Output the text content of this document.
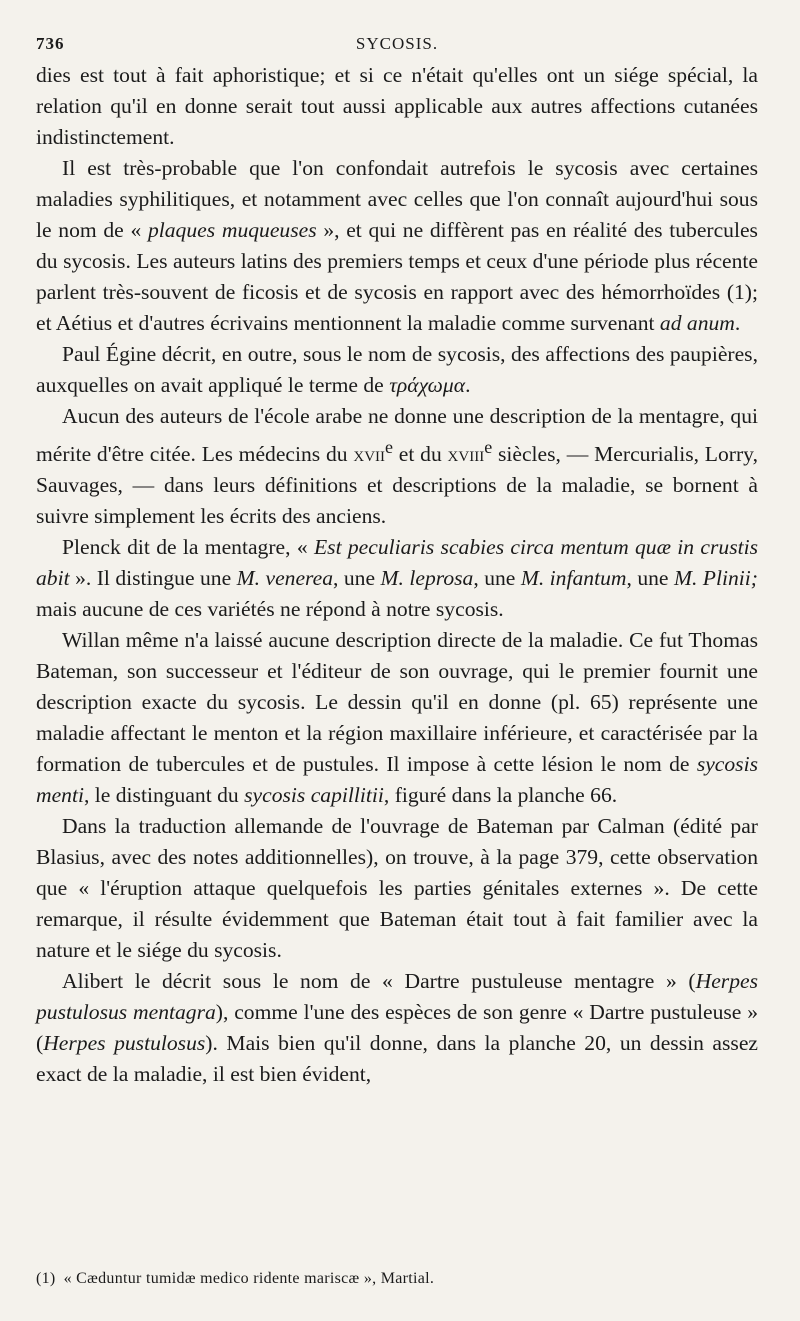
736	SYCOSIS.

dies est tout à fait aphoristique; et si ce n'était qu'elles ont un siége spécial, la relation qu'il en donne serait tout aussi applicable aux autres affections cutanées indistinctement.

Il est très-probable que l'on confondait autrefois le sycosis avec certaines maladies syphilitiques, et notamment avec celles que l'on connaît aujourd'hui sous le nom de « plaques muqueuses », et qui ne diffèrent pas en réalité des tubercules du sycosis. Les auteurs latins des premiers temps et ceux d'une période plus récente parlent très-souvent de ficosis et de sycosis en rapport avec des hémorrhoïdes (1); et Aétius et d'autres écrivains mentionnent la maladie comme survenant ad anum.

Paul Égine décrit, en outre, sous le nom de sycosis, des affections des paupières, auxquelles on avait appliqué le terme de τράχωμα.

Aucun des auteurs de l'école arabe ne donne une description de la mentagre, qui mérite d'être citée. Les médecins du xvii$^e$ et du xviii$^e$ siècles, — Mercurialis, Lorry, Sauvages, — dans leurs définitions et descriptions de la maladie, se bornent à suivre simplement les écrits des anciens.

Plenck dit de la mentagre, « Est peculiaris scabies circa mentum quæ in crustis abit ». Il distingue une M. venerea, une M. leprosa, une M. infantum, une M. Plinii; mais aucune de ces variétés ne répond à notre sycosis.

Willan même n'a laissé aucune description directe de la maladie. Ce fut Thomas Bateman, son successeur et l'éditeur de son ouvrage, qui le premier fournit une description exacte du sycosis. Le dessin qu'il en donne (pl. 65) représente une maladie affectant le menton et la région maxillaire inférieure, et caractérisée par la formation de tubercules et de pustules. Il impose à cette lésion le nom de sycosis menti, le distinguant du sycosis capillitii, figuré dans la planche 66.

Dans la traduction allemande de l'ouvrage de Bateman par Calman (édité par Blasius, avec des notes additionnelles), on trouve, à la page 379, cette observation que « l'éruption attaque quelquefois les parties génitales externes ». De cette remarque, il résulte évidemment que Bateman était tout à fait familier avec la nature et le siége du sycosis.

Alibert le décrit sous le nom de « Dartre pustuleuse mentagre » (Herpes pustulosus mentagra), comme l'une des espèces de son genre « Dartre pustuleuse » (Herpes pustulosus). Mais bien qu'il donne, dans la planche 20, un dessin assez exact de la maladie, il est bien évident,

(1) « Cæduntur tumidæ medico ridente mariscæ », Martial.
